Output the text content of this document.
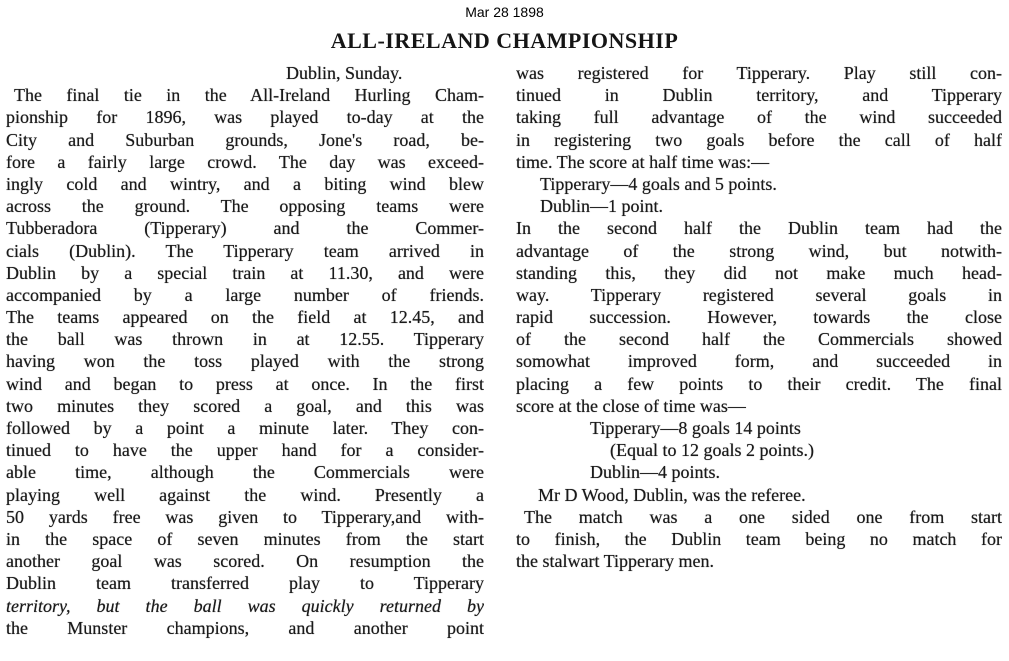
Mar 28 1898
ALL-IRELAND CHAMPIONSHIP
Dublin, Sunday.
The final tie in the All-Ireland Hurling Cham-
pionship for 1896, was played to-day at the
City and Suburban grounds, Jone's road, be-
fore a fairly large crowd. The day was exceed-
ingly cold and wintry, and a biting wind blew
across the ground. The opposing teams were
Tubberadora (Tipperary) and the Commer-
cials (Dublin). The Tipperary team arrived in
Dublin by a special train at 11.30, and were
accompanied by a large number of friends.
The teams appeared on the field at 12.45, and
the ball was thrown in at 12.55. Tipperary
having won the toss played with the strong
wind and began to press at once. In the first
two minutes they scored a goal, and this was
followed by a point a minute later. They con-
tinued to have the upper hand for a consider-
able time, although the Commercials were
playing well against the wind. Presently a
50 yards free was given to Tipperary,and with-
in the space of seven minutes from the start
another goal was scored. On resumption the
Dublin team transferred play to Tipperary
territory, but the ball was quickly returned by
the Munster champions, and another point
was registered for Tipperary. Play still con-
tinued in Dublin territory, and Tipperary
taking full advantage of the wind succeeded
in registering two goals before the call of half
time. The score at half time was:—
Tipperary—4 goals and 5 points.
Dublin—1 point.
In the second half the Dublin team had the
advantage of the strong wind, but notwith-
standing this, they did not make much head-
way. Tipperary registered several goals in
rapid succession. However, towards the close
of the second half the Commercials showed
somowhat improved form, and succeeded in
placing a few points to their credit. The final
score at the close of time was—
Tipperary—8 goals 14 points
(Equal to 12 goals 2 points.)
Dublin—4 points.
Mr D Wood, Dublin, was the referee.
The match was a one sided one from start
to finish, the Dublin team being no match for
the stalwart Tipperary men.
